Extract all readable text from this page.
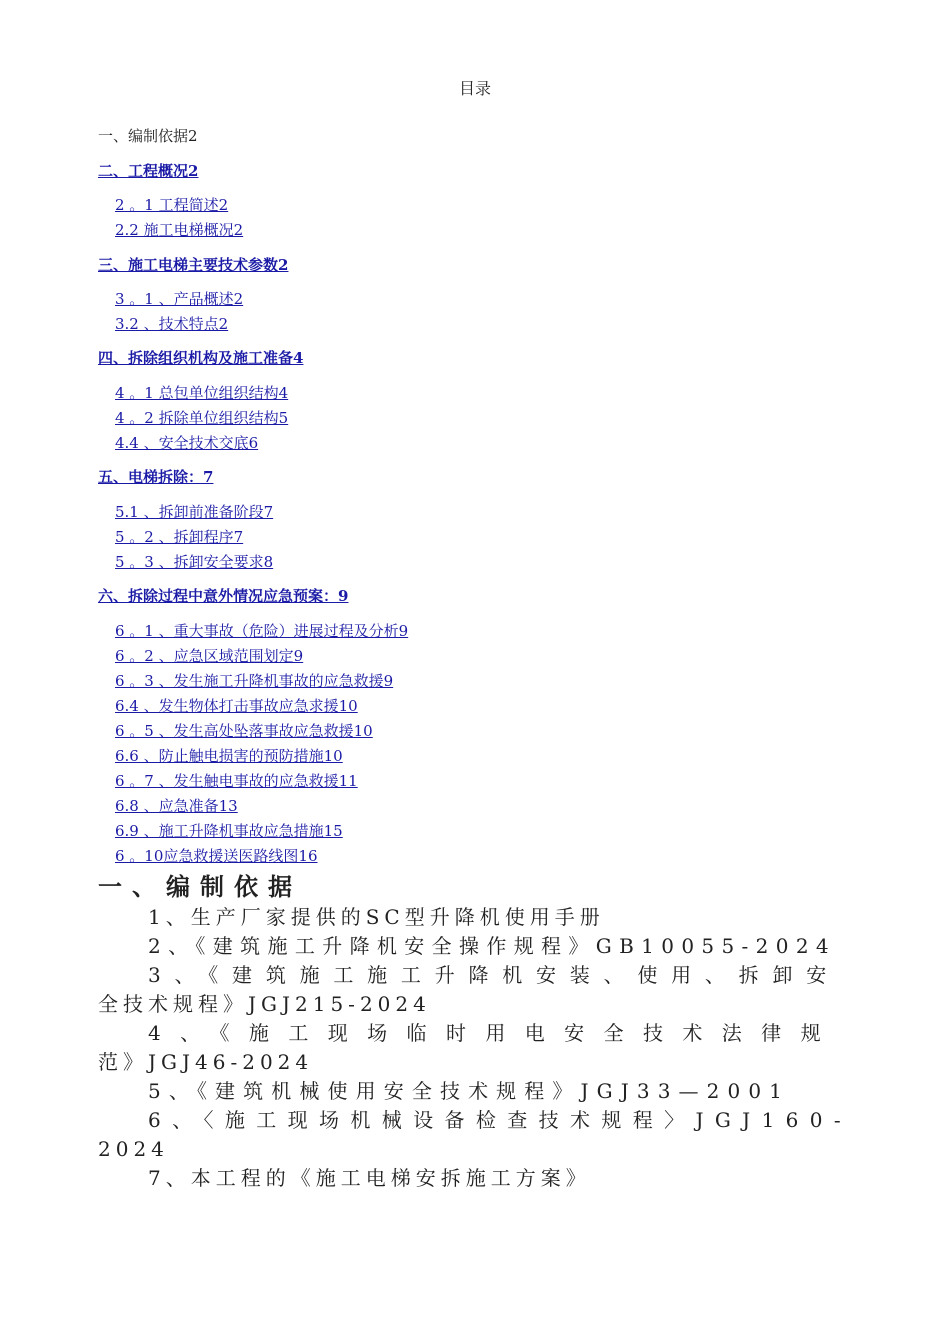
目录
一、编制依据2
二、工程概况2
2 。1 工程简述2
2.2 施工电梯概况2
三、施工电梯主要技术参数2
3 。1 、产品概述2
3.2 、技术特点2
四、拆除组织机构及施工准备4
4 。1 总包单位组织结构4
4 。2 拆除单位组织结构5
4.4 、安全技术交底6
五、电梯拆除：7
5.1 、拆卸前准备阶段7
5 。2 、拆卸程序7
5 。3 、拆卸安全要求8
六、拆除过程中意外情况应急预案：9
6 。1 、重大事故（危险）进展过程及分析9
6 。2 、应急区域范围划定9
6 。3 、发生施工升降机事故的应急救援9
6.4 、发生物体打击事故应急求援10
6 。5 、发生高处坠落事故应急救援10
6.6 、防止触电损害的预防措施10
6 。7 、发生触电事故的应急救援11
6.8 、应急准备13
6.9 、施工升降机事故应急措施15
6 。10应急救援送医路线图16
一、编制依据
1、生产厂家提供的SC型升降机使用手册
2、《建筑施工升降机安全操作规程》GB10055-2024
3、《建筑施工施工升降机安装、使用、拆卸安
全技术规程》JGJ215-2024
4、《施工现场临时用电安全技术法律规
范》JGJ46-2024
5、《建筑机械使用安全技术规程》JGJ33—2001
6、〈施工现场机械设备检查技术规程〉JGJ160-
2024
7、本工程的《施工电梯安拆施工方案》
